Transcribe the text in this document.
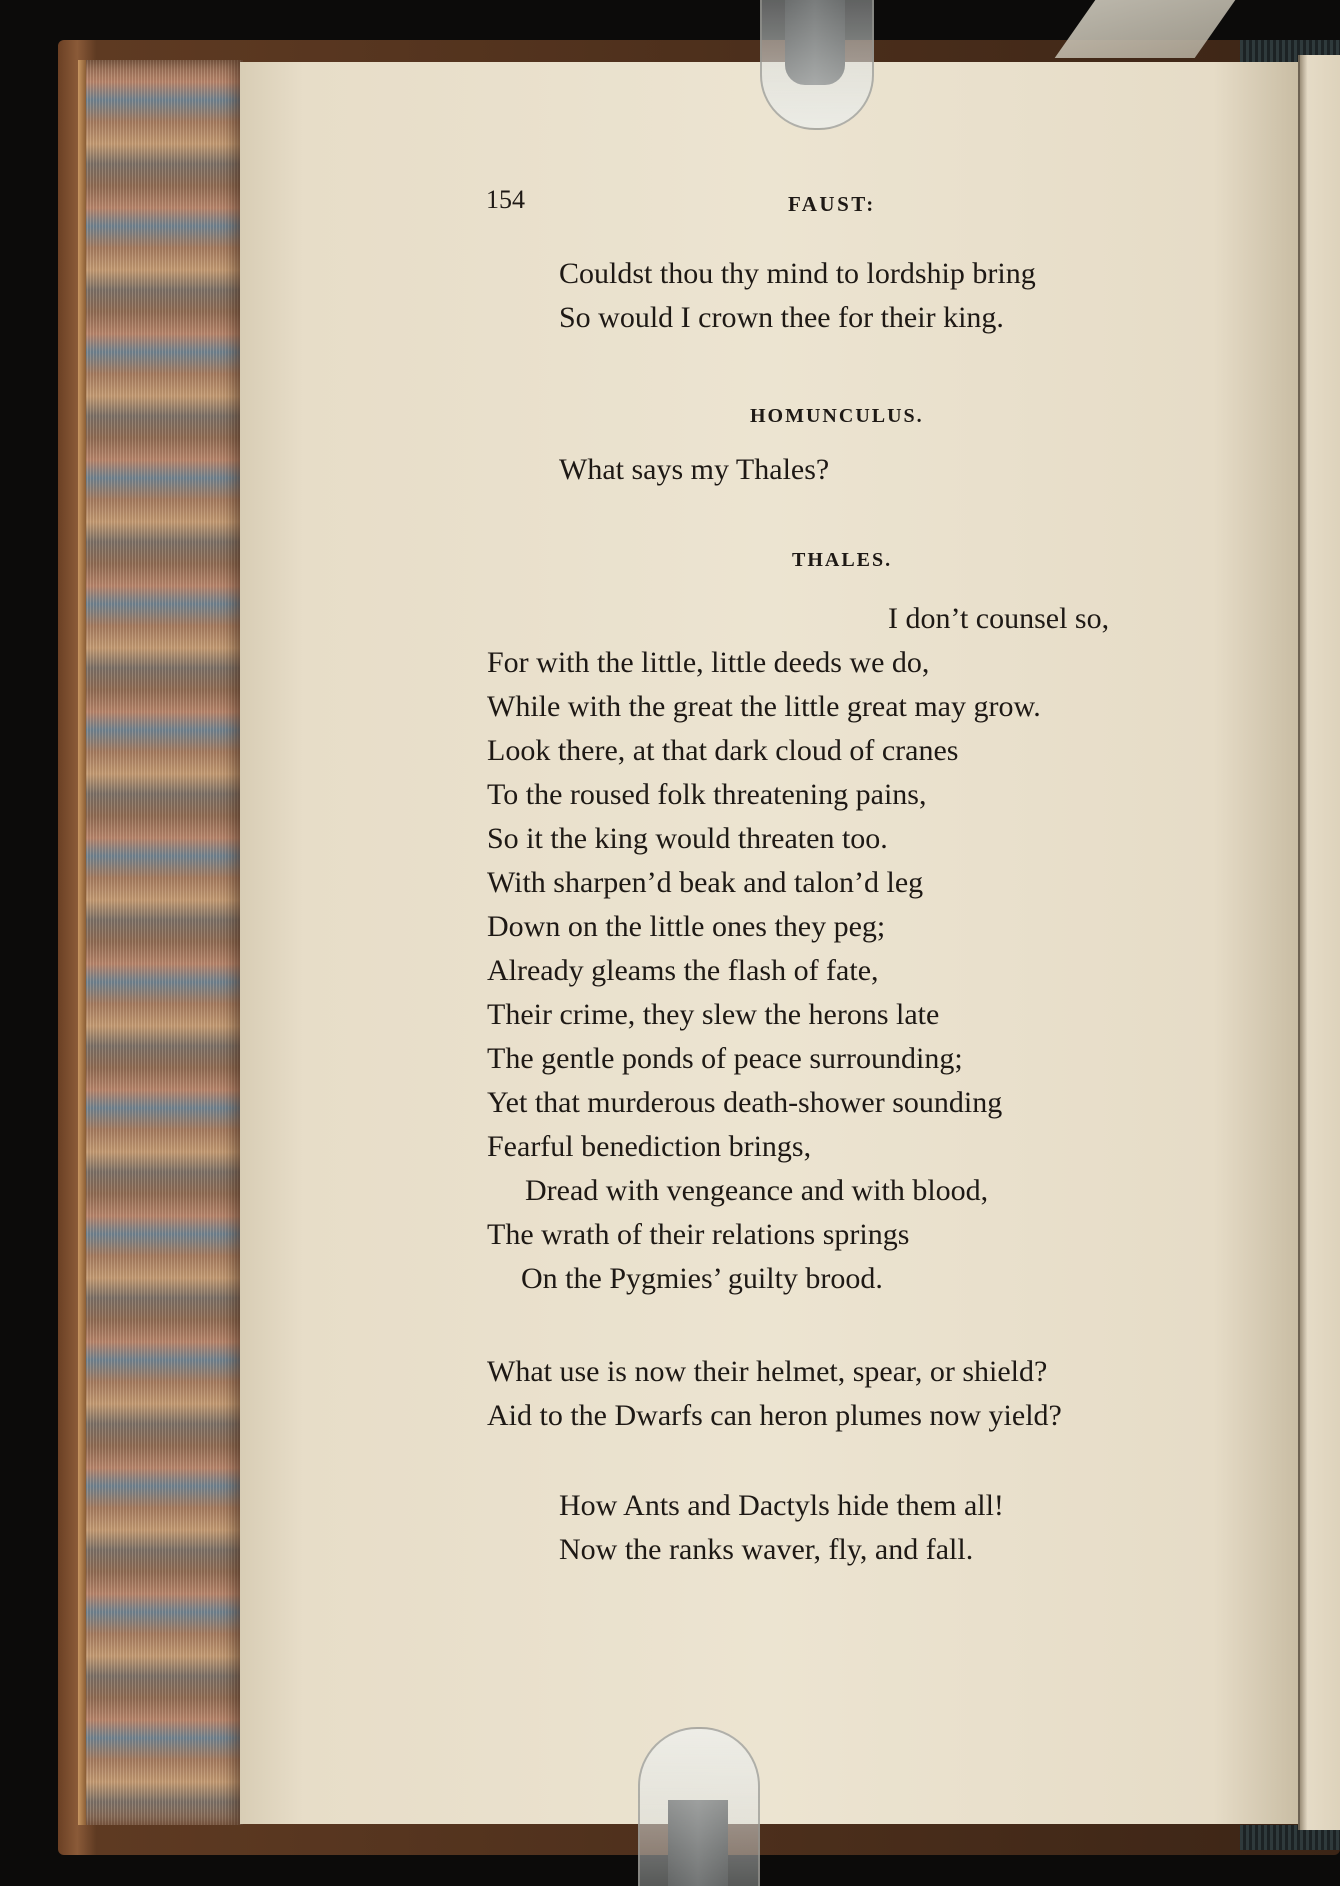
154	FAUST:
Couldst thou thy mind to lordship bring
So would I crown thee for their king.
HOMUNCULUS.
What says my Thales?
THALES.
I don’t counsel so,
For with the little, little deeds we do,
While with the great the little great may grow.
Look there, at that dark cloud of cranes
To the roused folk threatening pains,
So it the king would threaten too.
With sharpen’d beak and talon’d leg
Down on the little ones they peg;
Already gleams the flash of fate,
Their crime, they slew the herons late
The gentle ponds of peace surrounding;
Yet that murderous death-shower sounding
Fearful benediction brings,
Dread with vengeance and with blood,
The wrath of their relations springs
On the Pygmies’ guilty brood.
What use is now their helmet, spear, or shield?
Aid to the Dwarfs can heron plumes now yield?
How Ants and Dactyls hide them all!
Now the ranks waver, fly, and fall.
